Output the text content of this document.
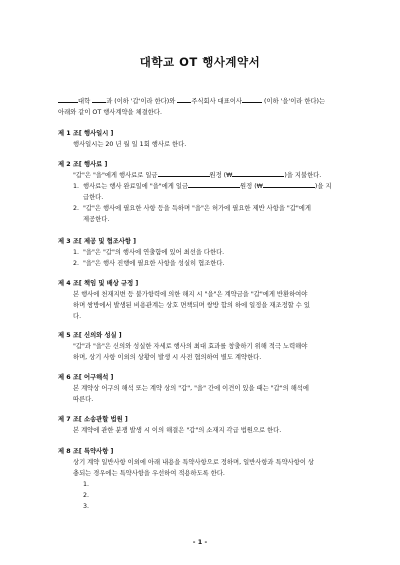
대학교 OT 행사계약서

대학	과 (이하 '갑'이라 한다)와	주식회사 대표이사	(이하 '을'이라 한다)는

아래와 같이 OT 행사계약을 체결한다.

제 1 조[ 행사일시 ]

행사일시는 20 년 월 일 1회 행사로 한다.

제 2 조[ 행사료 ]

"갑"은 "을"에게 행사료로 일금	원정 (₩	)을 지불한다.

1. 행사료는 행사 완료일에 "을"에게 일금	원정 (₩	)을 지
급한다.

2. "갑"은 행사에 필요한 사항 등을 득하며 "을"은 허가에 필요한 제반 사항을 "갑"에게
제공한다.

제 3 조[ 제공 및 협조사항 ]

1. "을"은 "갑"의 행사에 연출함에 있어 최선을 다한다.

2. "을"은 행사 진행에 필요한 사항을 성실히 협조한다.

제 4 조[ 책임 및 배상 규정 ]

본 행사에 천재지변 등 불가항력에 의한 해지 시 "을"은 계약금을 "갑"에게 반환하여야

하며 쌍방에서 발생된 비용관계는 상호 면책되며 쌍방 합의 하에 일정을 재조정할 수 있

다.

제 5 조[ 신의와 성실 ]

"갑"과 "을"은 신의와 성실한 자세로 행사의 최대 효과를 창출하기 위해 적극 노력해야

하며, 상기 사항 이외의 상황이 발생 시 사전 협의하여 별도 계약한다.

제 6 조[ 어구해석 ]

본 계약상 어구의 해석 또는 계약 상의 "갑", "을" 간에 이견이 있을 때는 "갑"의 해석에

따른다.

제 7 조[ 소송관할 법원 ]

본 계약에 관한 분쟁 발생 시 이의 해결은 "갑"의 소재지 각급 법원으로 한다.

제 8 조[ 특약사항 ]

상기 계약 일반사항 이외에 아래 내용을 특약사항으로 정하며, 일반사항과 특약사항이 상

충되는 경우에는 특약사항을 우선하여 적용하도록 한다.

1.

2.

3.

- 1 -
